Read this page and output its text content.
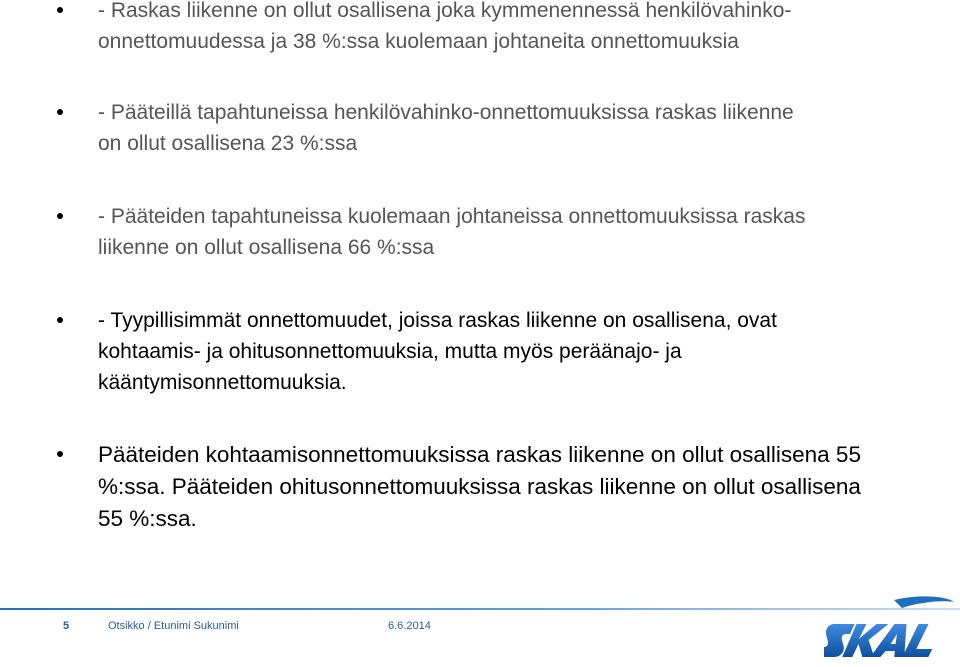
- Raskas liikenne on ollut osallisena joka kymmenennessä henkilövahinko-
onnettomuudessa ja 38 %:ssa kuolemaan johtaneita onnettomuuksia
- Pääteillä tapahtuneissa henkilövahinko-onnettomuuksissa raskas liikenne
on ollut osallisena 23 %:ssa
- Pääteiden tapahtuneissa kuolemaan johtaneissa onnettomuuksissa raskas
liikenne on ollut osallisena 66 %:ssa
- Tyypillisimmät onnettomuudet, joissa raskas liikenne on osallisena, ovat
kohtaamis- ja ohitusonnettomuuksia, mutta myös peräänajo- ja
kääntymisonnettomuuksia.
Pääteiden kohtaamisonnettomuuksissa raskas liikenne on ollut osallisena 55
%:ssa. Pääteiden ohitusonnettomuuksissa raskas liikenne on ollut osallisena
55 %:ssa.
5	Otsikko / Etunimi Sukunimi	6.6.2014
